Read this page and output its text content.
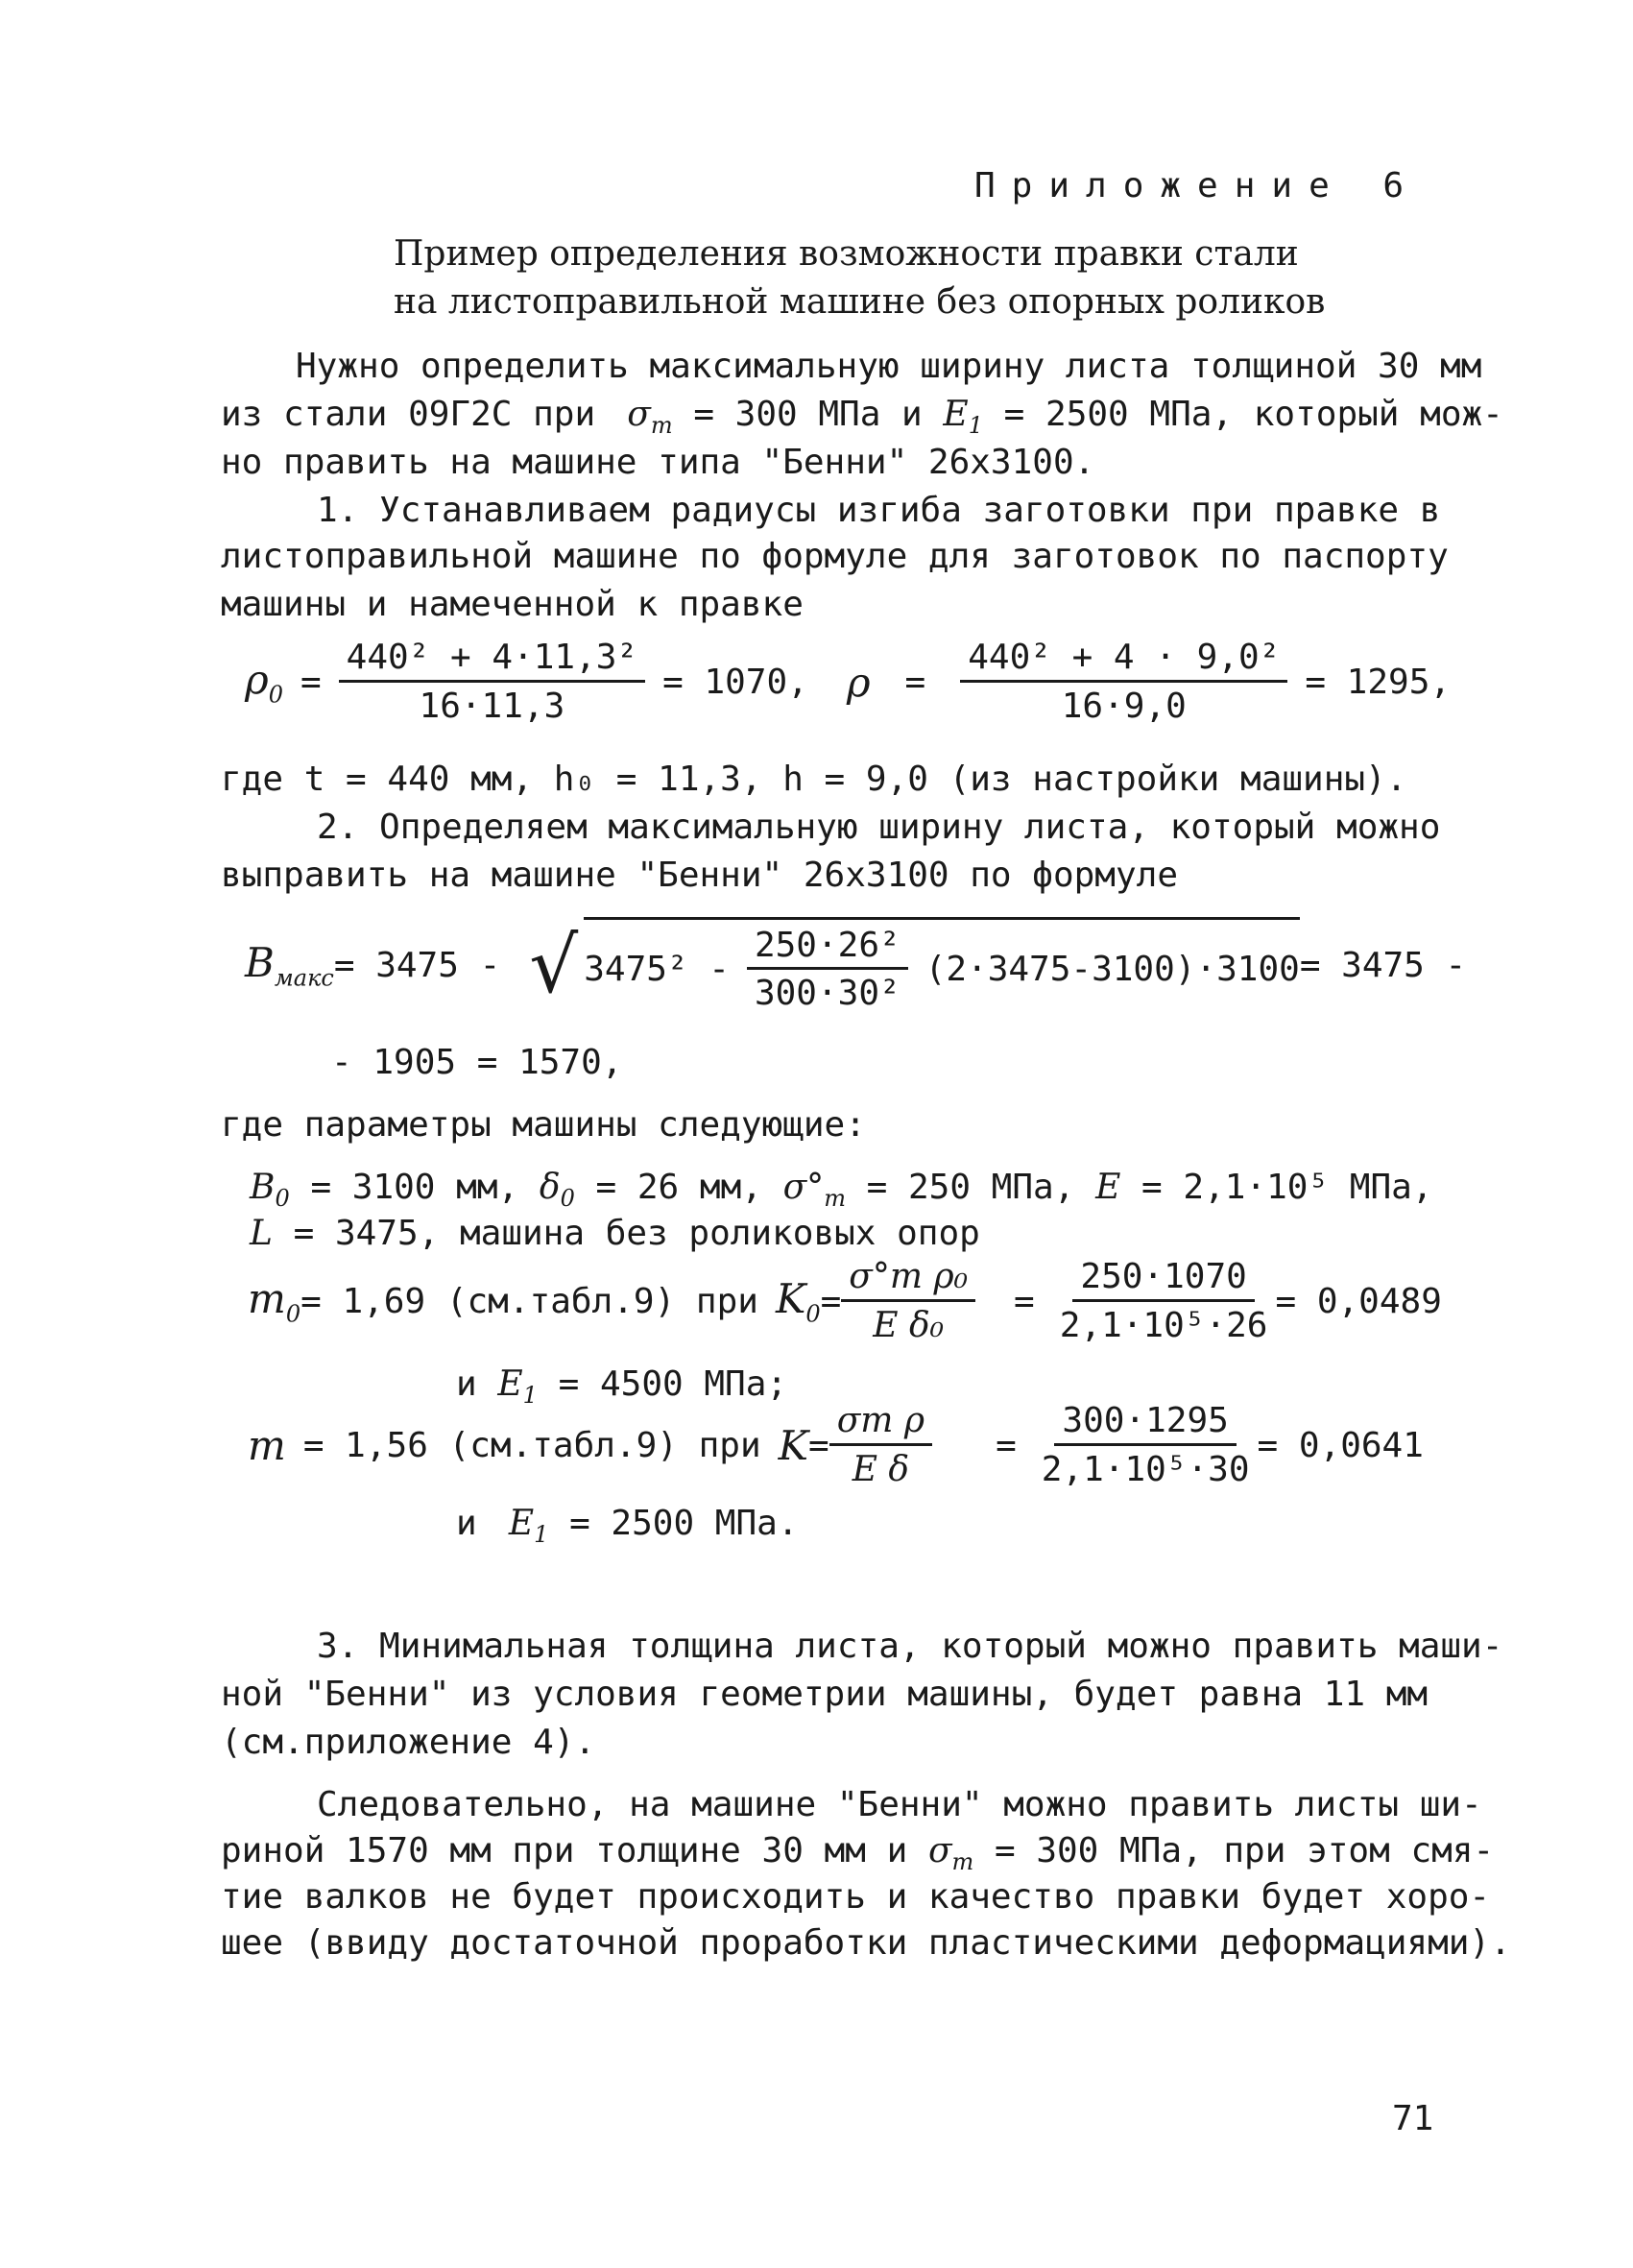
Приложение 6
Пример определения возможности правки стали
на листоправильной машине без опорных роликов
Нужно определить максимальную ширину листа толщиной 30 мм
из стали 09Г2С при  $\sigma_т = 300$ МПа и $E_1 = 2500$ МПа, который мож-
но править на машине типа "Бенни" 26х3100.
1. Устанавливаем радиусы изгиба заготовки при правке в
листоправильной машине по формуле для заготовок по паспорту
машины и намеченной к правке
$\rho_0 = \frac{\text{440² + 4·11,3²}}{16\cdot 11,3} = 1070$, $\rho = \frac{\text{440² + 4 · 9,0²}}{16\cdot 9,0} = 1295$,
где t = 440 мм, h₀ = 11,3, h = 9,0 (из настройки машины).
2. Определяем максимальную ширину листа, который можно
выправить на машине "Бенни" 26х3100 по формуле
$B_{макс} = 3475$ - √ $3475^2 - \frac{\text{250·26²}}{\text{300·30²}} (2\cdot 3475-3100)\cdot 3100 = 3475$ -
- 1905 = 1570,
где параметры машины следующие:
$B_0 = 3100$ мм, $\delta_0 = 26$ мм, $\sigma^\circ_т = 250$ МПа, E = 2,1·10⁵ МПа,
L = 3475, машина без роликовых опор
$m_0 = 1,69$ (см.табл.9) при $K_0 = \frac{\text{σ°т ρ₀}}{\text{E δ₀}} = \frac{250\cdot 1070}{\text{2,1·10⁵·26}} = 0,0489$
и $E_1 = 4500$ МПа;
m = 1,56 (см.табл.9) при $K = \frac{\text{σт ρ}}{\text{E δ}} = \frac{300\cdot 1295}{\text{2,1·10⁵·30}} = 0,0641$
и  $E_1 = 2500$ МПа.
3. Минимальная толщина листа, который можно править маши-
ной "Бенни" из условия геометрии машины, будет равна 11 мм
(см.приложение 4).
Следовательно, на машине "Бенни" можно править листы ши-
риной 1570 мм при толщине 30 мм и $\sigma_т = 300$ МПа, при этом смя-
тие валков не будет происходить и качество правки будет хоро-
шее (ввиду достаточной проработки пластическими деформациями).
71
